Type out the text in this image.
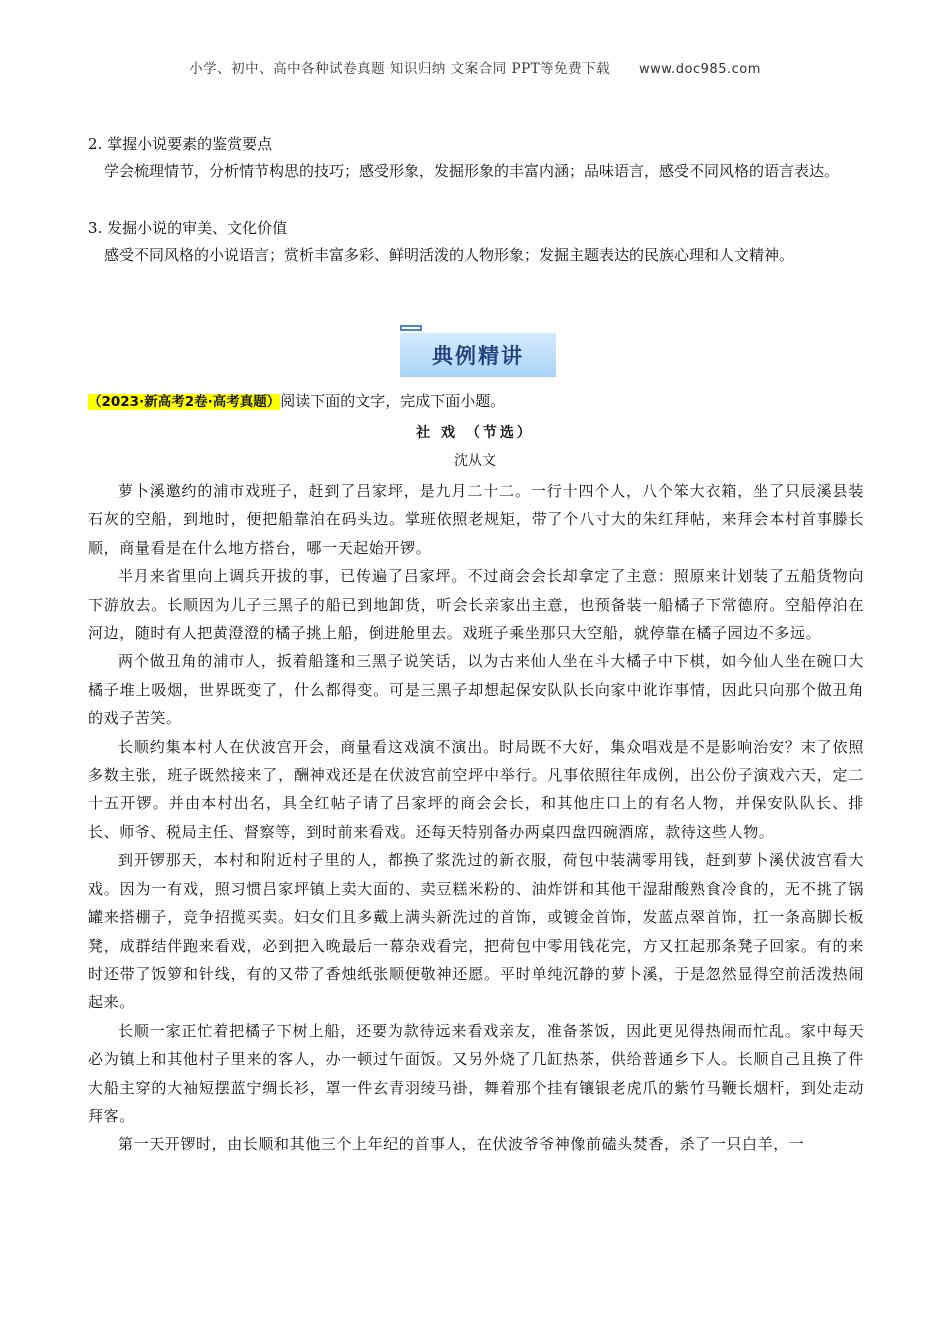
小学、初中、高中各种试卷真题 知识归纳 文案合同 PPT等免费下载 www.doc985.com

2. 掌握小说要素的鉴赏要点

学会梳理情节，分析情节构思的技巧；感受形象，发掘形象的丰富内涵；品味语言，感受不同风格的语言表达。

3. 发掘小说的审美、文化价值

感受不同风格的小说语言；赏析丰富多彩、鲜明活泼的人物形象；发掘主题表达的民族心理和人文精神。

典例精讲
（2023·新高考2卷·高考真题）阅读下面的文字，完成下面小题。
社 戏 （节选）
沈从文

萝卜溪邀约的浦市戏班子，赶到了吕家坪，是九月二十二。一行十四个人，八个笨大衣箱，坐了只辰溪县装石灰的空船，到地时，便把船靠泊在码头边。掌班依照老规矩，带了个八寸大的朱红拜帖，来拜会本村首事滕长顺，商量看是在什么地方搭台，哪一天起始开锣。

半月来省里向上调兵开拔的事，已传遍了吕家坪。不过商会会长却拿定了主意：照原来计划装了五船货物向下游放去。长顺因为儿子三黑子的船已到地卸货，听会长亲家出主意，也预备装一船橘子下常德府。空船停泊在河边，随时有人把黄澄澄的橘子挑上船，倒进舱里去。戏班子乘坐那只大空船，就停靠在橘子园边不多远。

两个做丑角的浦市人，扳着船篷和三黑子说笑话，以为古来仙人坐在斗大橘子中下棋，如今仙人坐在碗口大橘子堆上吸烟，世界既变了，什么都得变。可是三黑子却想起保安队队长向家中讹诈事情，因此只向那个做丑角的戏子苦笑。

长顺约集本村人在伏波宫开会，商量看这戏演不演出。时局既不大好，集众唱戏是不是影响治安？末了依照多数主张，班子既然接来了，酬神戏还是在伏波宫前空坪中举行。凡事依照往年成例，出公份子演戏六天，定二十五开锣。并由本村出名，具全红帖子请了吕家坪的商会会长，和其他庄口上的有名人物，并保安队队长、排长、师爷、税局主任、督察等，到时前来看戏。还每天特别备办两桌四盘四碗酒席，款待这些人物。

到开锣那天，本村和附近村子里的人，都换了浆洗过的新衣服，荷包中装满零用钱，赶到萝卜溪伏波宫看大戏。因为一有戏，照习惯吕家坪镇上卖大面的、卖豆糕米粉的、油炸饼和其他干湿甜酸熟食冷食的，无不挑了锅罐来搭棚子，竞争招揽买卖。妇女们且多戴上满头新洗过的首饰，或镀金首饰，发蓝点翠首饰，扛一条高脚长板凳，成群结伴跑来看戏，必到把入晚最后一幕杂戏看完，把荷包中零用钱花完，方又扛起那条凳子回家。有的来时还带了饭箩和针线，有的又带了香烛纸张顺便敬神还愿。平时单纯沉静的萝卜溪，于是忽然显得空前活泼热闹起来。

长顺一家正忙着把橘子下树上船，还要为款待远来看戏亲友，准备茶饭，因此更见得热闹而忙乱。家中每天必为镇上和其他村子里来的客人，办一顿过午面饭。又另外烧了几缸热茶，供给普通乡下人。长顺自己且换了件大船主穿的大袖短摆蓝宁绸长衫，罩一件玄青羽绫马褂，舞着那个挂有镶银老虎爪的紫竹马鞭长烟杆，到处走动拜客。

第一天开锣时，由长顺和其他三个上年纪的首事人，在伏波爷爷神像前磕头焚香，杀了一只白羊，一
